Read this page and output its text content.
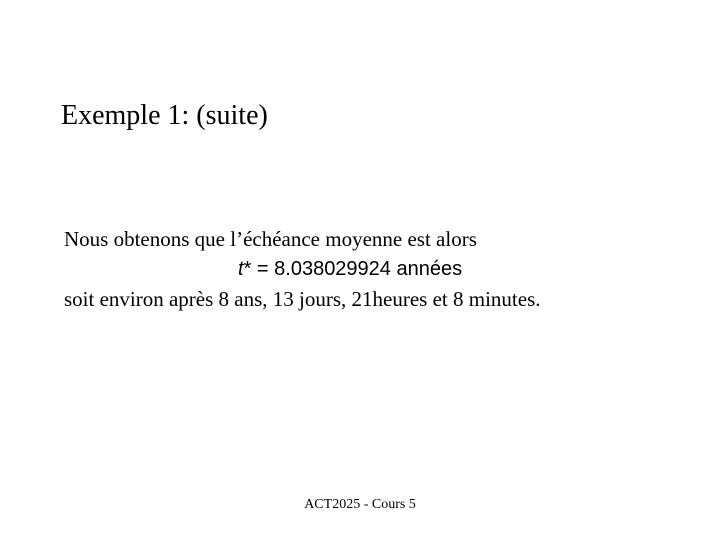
Exemple 1: (suite)
Nous obtenons que l’échéance moyenne est alors
t* = 8.038029924 années
soit environ après 8 ans, 13 jours, 21heures et 8 minutes.
ACT2025 - Cours 5
